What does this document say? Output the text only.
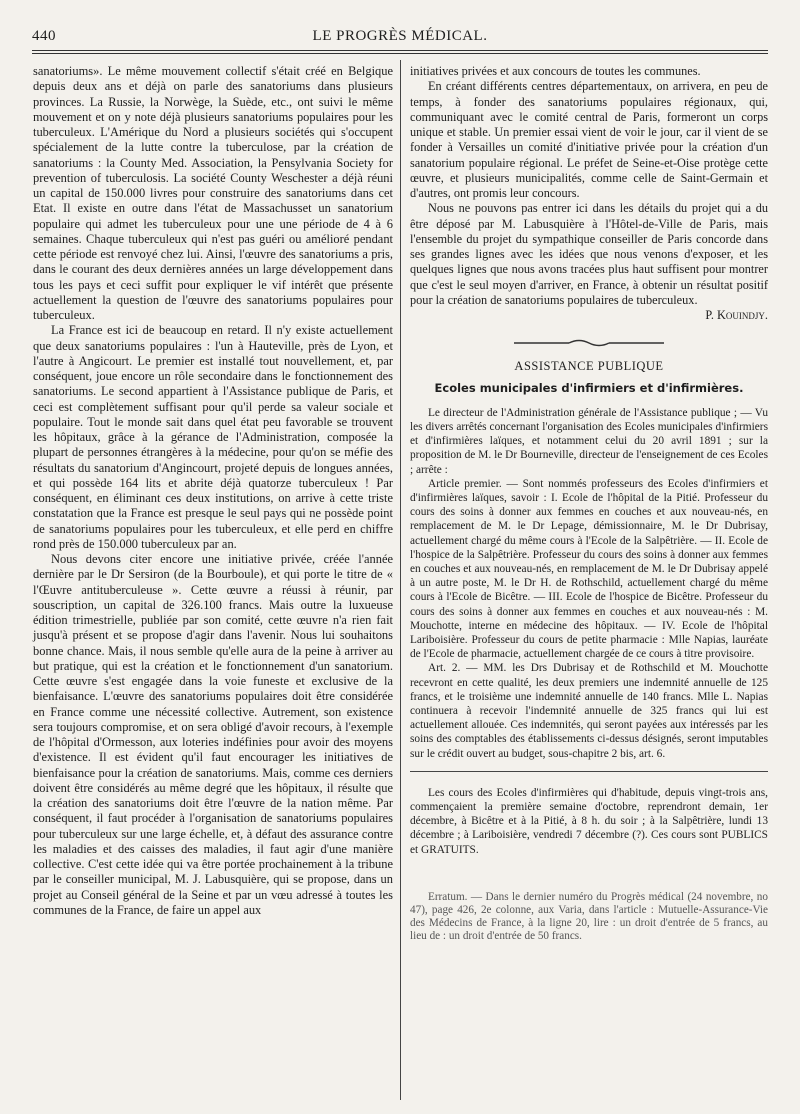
440	LE PROGRÈS MÉDICAL.

sanatoriums». Le même mouvement collectif s'était créé en Belgique depuis deux ans et déjà on parle des sanatoriums dans plusieurs provinces. La Russie, la Norwège, la Suède, etc., ont suivi le même mouvement et on y note déjà plusieurs sanatoriums populaires pour les tuberculeux. L'Amérique du Nord a plusieurs sociétés qui s'occupent spécialement de la lutte contre la tuberculose, par la création de sanatoriums : la County Med. Association, la Pensylvania Society for prevention of tuberculosis. La société County Weschester a déjà réuni un capital de 150.000 livres pour construire des sanatoriums dans cet Etat. Il existe en outre dans l'état de Massachusset un sanatorium populaire qui admet les tuberculeux pour une une période de 4 à 6 semaines. Chaque tuberculeux qui n'est pas guéri ou amélioré pendant cette période est renvoyé chez lui. Ainsi, l'œuvre des sanatoriums a pris, dans le courant des deux dernières années un large développement dans tous les pays et ceci suffit pour expliquer le vif intérêt que présente actuellement la question de l'œuvre des sanatoriums populaires pour tuberculeux.

La France est ici de beaucoup en retard. Il n'y existe actuellement que deux sanatoriums populaires : l'un à Hauteville, près de Lyon, et l'autre à Angicourt. Le premier est installé tout nouvellement, et, par conséquent, joue encore un rôle secondaire dans le fonctionnement des sanatoriums. Le second appartient à l'Assistance publique de Paris, et ceci est complètement suffisant pour qu'il perde sa valeur sociale et populaire. Tout le monde sait dans quel état peu favorable se trouvent les hôpitaux, grâce à la gérance de l'Administration, composée la plupart de personnes étrangères à la médecine, pour qu'on se méfie des résultats du sanatorium d'Angincourt, projeté depuis de longues années, et qui possède 164 lits et abrite déjà quatorze tuberculeux ! Par conséquent, en éliminant ces deux institutions, on arrive à cette triste constatation que la France est presque le seul pays qui ne possède point de sanatoriums populaires pour les tuberculeux, et elle perd en chiffre rond près de 150.000 tuberculeux par an.

Nous devons citer encore une initiative privée, créée l'année dernière par le Dr Sersiron (de la Bourboule), et qui porte le titre de « l'Œuvre antituberculeuse ». Cette œuvre a réussi à réunir, par souscription, un capital de 326.100 francs. Mais outre la luxueuse édition trimestrielle, publiée par son comité, cette œuvre n'a rien fait jusqu'à présent et se propose d'agir dans l'avenir. Nous lui souhaitons bonne chance. Mais, il nous semble qu'elle aura de la peine à arriver au but pratique, qui est la création et le fonctionnement d'un sanatorium. Cette œuvre s'est engagée dans la voie funeste et exclusive de la bienfaisance. L'œuvre des sanatoriums populaires doit être considérée en France comme une nécessité collective. Autrement, son existence sera toujours compromise, et on sera obligé d'avoir recours, à l'exemple de l'hôpital d'Ormesson, aux loteries indéfinies pour avoir des moyens d'existence. Il est évident qu'il faut encourager les initiatives de bienfaisance pour la création de sanatoriums. Mais, comme ces derniers doivent être considérés au même degré que les hôpitaux, il résulte que la création des sanatoriums doit être l'œuvre de la nation même. Par conséquent, il faut procéder à l'organisation de sanatoriums populaires pour tuberculeux sur une large échelle, et, à défaut des assurance contre les maladies et des caisses des maladies, il faut agir d'une manière collective. C'est cette idée qui va être portée prochainement à la tribune par le conseiller municipal, M. J. Labusquière, qui se propose, dans un projet au Conseil général de la Seine et par un vœu adressé à toutes les communes de la France, de faire un appel aux

initiatives privées et aux concours de toutes les communes.

En créant différents centres départementaux, on arrivera, en peu de temps, à fonder des sanatoriums populaires régionaux, qui, communiquant avec le comité central de Paris, formeront un corps unique et stable. Un premier essai vient de voir le jour, car il vient de se fonder à Versailles un comité d'initiative privée pour la création d'un sanatorium populaire régional. Le préfet de Seine-et-Oise protège cette œuvre, et plusieurs municipalités, comme celle de Saint-Germain et d'autres, ont promis leur concours.

Nous ne pouvons pas entrer ici dans les détails du projet qui a du être déposé par M. Labusquière à l'Hôtel-de-Ville de Paris, mais l'ensemble du projet du sympathique conseiller de Paris concorde dans ses grandes lignes avec les idées que nous venons d'exposer, et les quelques lignes que nous avons tracées plus haut suffisent pour montrer que c'est le seul moyen d'arriver, en France, à obtenir un résultat positif pour la création de sanatoriums populaires de tuberculeux.

P. Kouindjy.
ASSISTANCE PUBLIQUE
Ecoles municipales d'infirmiers et d'infirmières.

Le directeur de l'Administration générale de l'Assistance publique ; — Vu les divers arrêtés concernant l'organisation des Ecoles municipales d'infirmiers et d'infirmières laïques, et notamment celui du 20 avril 1891 ; sur la proposition de M. le Dr Bourneville, directeur de l'enseignement de ces Ecoles ; arrête :

Article premier. — Sont nommés professeurs des Ecoles d'infirmiers et d'infirmières laïques, savoir : I. Ecole de l'hôpital de la Pitié. Professeur du cours des soins à donner aux femmes en couches et aux nouveau-nés, en remplacement de M. le Dr Lepage, démissionnaire, M. le Dr Dubrisay, actuellement chargé du même cours à l'Ecole de la Salpêtrière. — II. Ecole de l'hospice de la Salpêtrière. Professeur du cours des soins à donner aux femmes en couches et aux nouveau-nés, en remplacement de M. le Dr Dubrisay appelé à un autre poste, M. le Dr H. de Rothschild, actuellement chargé du même cours à l'Ecole de Bicêtre. — III. Ecole de l'hospice de Bicêtre. Professeur du cours des soins à donner aux femmes en couches et aux nouveau-nés : M. Mouchotte, interne en médecine des hôpitaux. — IV. Ecole de l'hôpital Lariboisière. Professeur du cours de petite pharmacie : Mlle Napias, lauréate de l'Ecole de pharmacie, actuellement chargée de ce cours à titre provisoire.

Art. 2. — MM. les Drs Dubrisay et de Rothschild et M. Mouchotte recevront en cette qualité, les deux premiers une indemnité annuelle de 125 francs, et le troisième une indemnité annuelle de 140 francs. Mlle L. Napias continuera à recevoir l'indemnité annuelle de 325 francs qui lui est actuellement allouée. Ces indemnités, qui seront payées aux intéressés par les soins des comptables des établissements ci-dessus désignés, seront imputables sur le crédit ouvert au budget, sous-chapitre 2 bis, art. 6.

Les cours des Ecoles d'infirmières qui d'habitude, depuis vingt-trois ans, commençaient la première semaine d'octobre, reprendront demain, 1er décembre, à Bicêtre et à la Pitié, à 8 h. du soir ; à la Salpêtrière, lundi 13 décembre ; à Lariboisière, vendredi 7 décembre (?). Ces cours sont PUBLICS et GRATUITS.

Erratum. — Dans le dernier numéro du Progrès médical (24 novembre, no 47), page 426, 2e colonne, aux Varia, dans l'article : Mutuelle-Assurance-Vie des Médecins de France, à la ligne 20, lire : un droit d'entrée de 5 francs, au lieu de : un droit d'entrée de 50 francs.
